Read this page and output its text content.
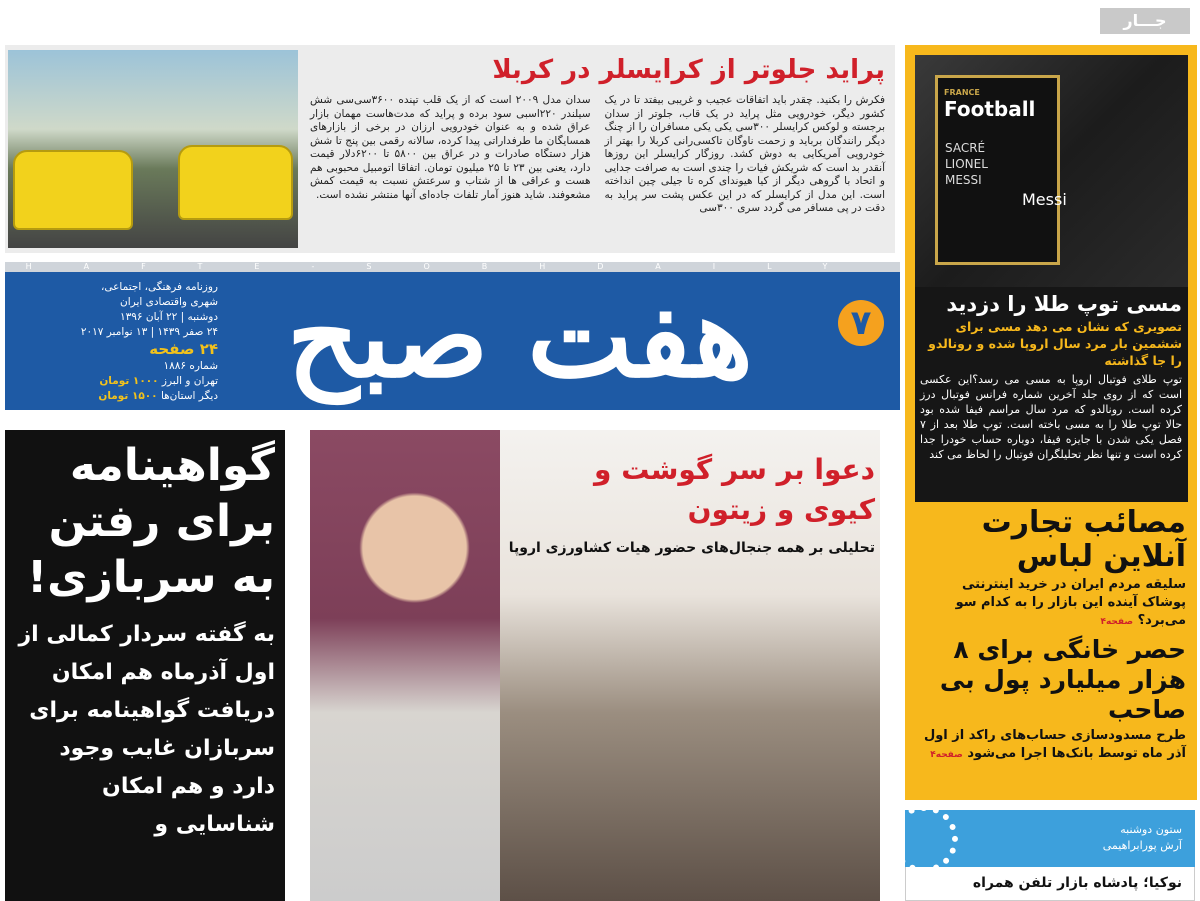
جـــار
پراید جلوتر از کرایسلر در کربلا

فکرش را بکنید. چقدر باید اتفاقات عجیب و غریبی بیفتد تا در یک کشور دیگر، خودرویی مثل پراید در یک قاب، جلوتر از سدان برجسته و لوکس کرایسلر ۳۰۰سی یکی یکی مسافران را از چنگ دیگر رانندگان برباید و زحمت ناوگان تاکسی‌رانی کربلا را بهتر از خودرویی آمریکایی به دوش کشد. روزگار کرایسلر این روزها آنقدر بد است که شریکش فیات را چندی است به صرافت جدایی و اتحاد با گروهی دیگر از کیا هیوندای کره تا جیلی چین انداخته است. این مدل از کرایسلر که در این عکس پشت سر پراید به دقت در پی مسافر می گردد سری ۳۰۰سی

سدان مدل ۲۰۰۹ است که از یک قلب تپنده ۳۶۰۰سی‌سی شش سیلندر ۲۲۰اسبی سود برده و پراید که مدت‌هاست مهمان بازار عراق شده و به عنوان خودرویی ارزان در برخی از بازارهای همسایگان ما طرفداراتی پیدا کرده، سالانه رقمی بین پنج تا شش هزار دستگاه صادرات و در عراق بین ۵۸۰۰ تا ۶۲۰۰دلار قیمت دارد، یعنی بین ۲۳ تا ۲۵ میلیون تومان. اتفاقا اتومبیل محبوبی هم هست و عراقی ها از شتاب و سرعتش نسبت به قیمت کمش مشعوفند. شاید هنوز آمار تلفات جاده‌ای آنها منتشر نشده است.

HAFTE-SOBHDAILY
هفت صبح	۷
روزنامه فرهنگی، اجتماعی،
شهری واقتصادی ایران
دوشنبه | ۲۲ آبان ۱۳۹۶
۲۴ صفر ۱۴۳۹ | ۱۳ نوامبر ۲۰۱۷
۲۴ صفحه
شماره ۱۸۸۶
تهران و البرز ۱۰۰۰ تومان
دیگر استان‌ها ۱۵۰۰ تومان
FRANCE
Football
SACRÉ LIONEL MESSI
Messi
مسی توپ طلا را دزدید
تصویری که نشان می دهد مسی برای ششمین بار مرد سال اروپا شده و رونالدو را جا گذاشته
توپ طلای فوتبال اروپا به مسی می رسد؟این عکسی است که از روی جلد آخرین شماره فرانس فوتبال درز کرده است. رونالدو که مرد سال مراسم فیفا شده بود حالا توپ طلا را به مسی باخته است. توپ طلا بعد از ۷ فصل یکی شدن با جایزه فیفا، دوباره حساب خودرا جدا کرده است و تنها نظر تحلیلگران فوتبال را لحاظ می کند
مصائب تجارت آنلاین لباس
سلیقه مردم ایران در خرید اینترنتی پوشاک آینده این بازار را به کدام سو می‌برد؟ صفحه۴
حصر خانگی برای ۸ هزار میلیارد پول بی صاحب
طرح مسدودسازی حساب‌های راکد از اول آذر ماه توسط بانک‌ها اجرا می‌شود صفحه۴
ستون دوشنبه
آرش پورابراهیمی
نوکیا؛ پادشاه بازار تلفن همراه
گواهینامه برای رفتن به سربازی!
به گفته سردار کمالی از اول آذرماه هم امکان دریافت گواهینامه برای سربازان غایب وجود دارد و هم امکان شناسایی و
دعوا بر سر گوشت و کیوی و زیتون
تحلیلی بر همه جنجال‌های حضور هیات کشاورزی اروپا
